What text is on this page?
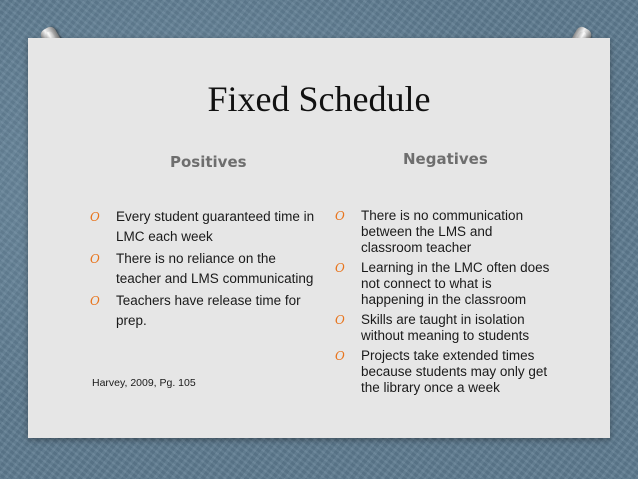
Fixed Schedule
Positives	Negatives
O Every student guaranteed time in LMC each week
O There is no reliance on the teacher and LMS communicating
O Teachers have release time for prep.
O There is no communication between the LMS and classroom teacher
O Learning in the LMC often does not connect to what is happening in the classroom
O Skills are taught in isolation without meaning to students
O Projects take extended times because students may only get the library once a week
Harvey, 2009, Pg. 105
